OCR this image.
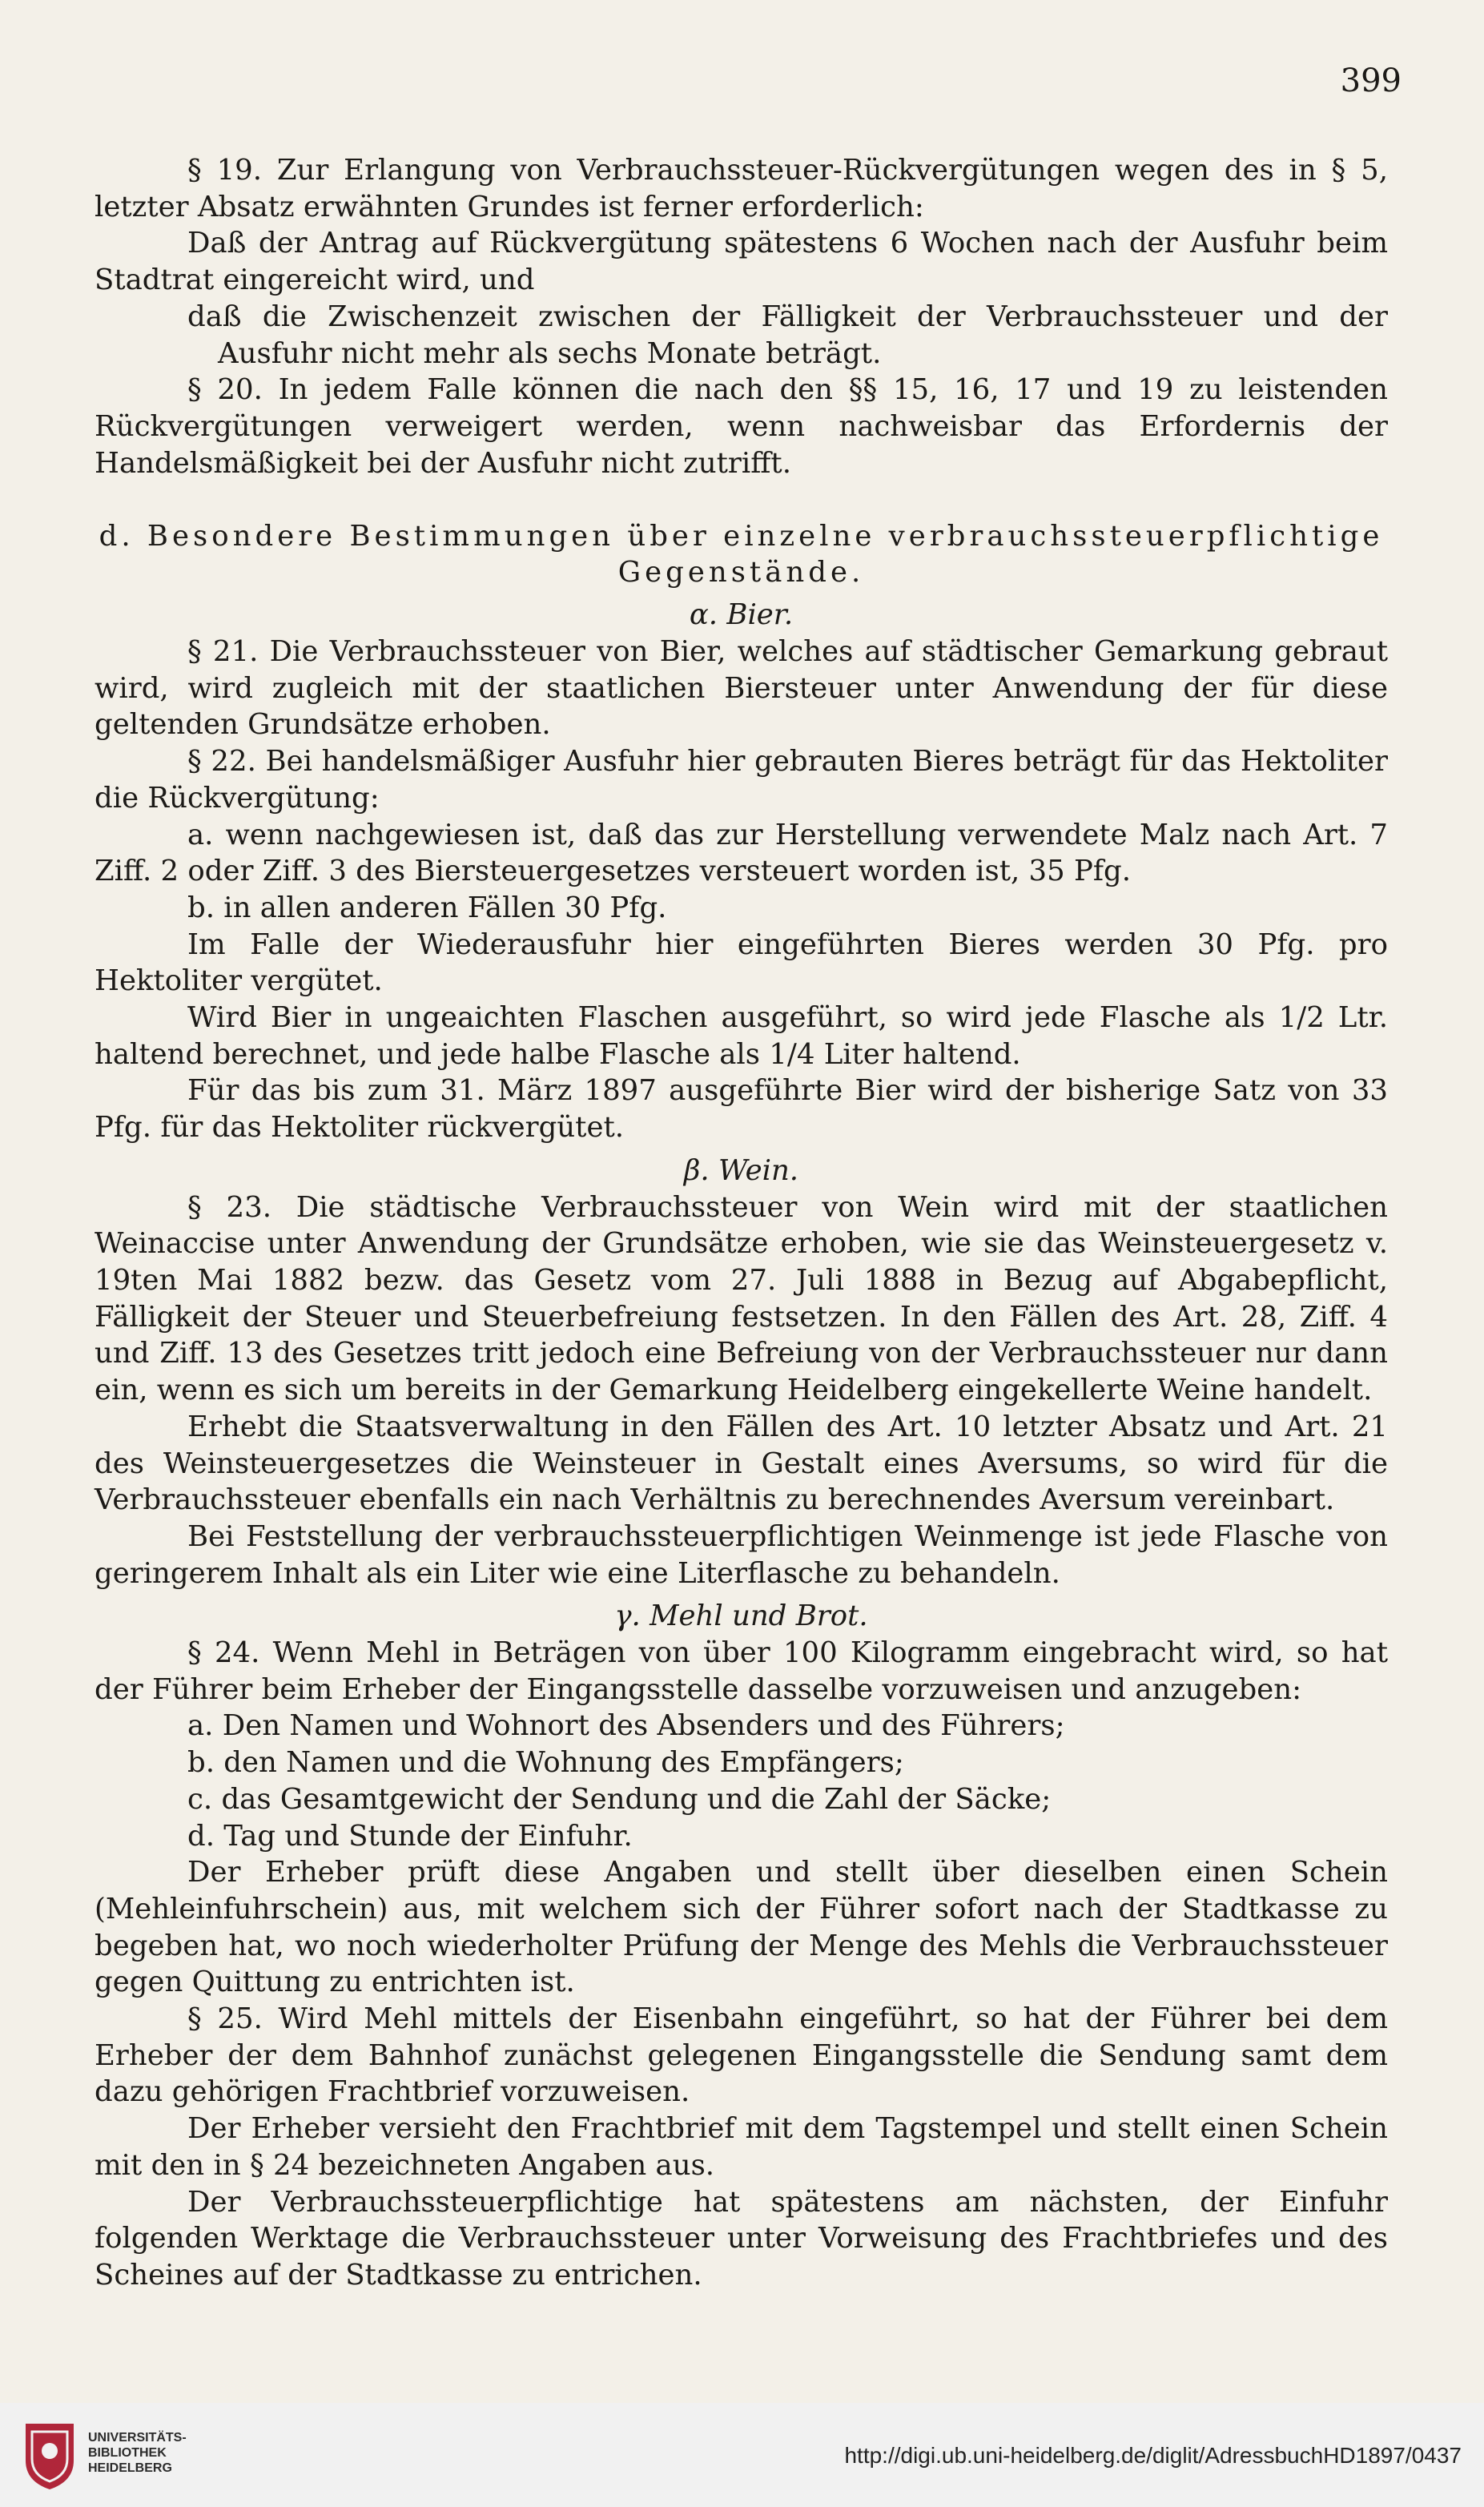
399

§ 19. Zur Erlangung von Verbrauchssteuer-Rückvergütungen wegen des in § 5, letzter Absatz erwähnten Grundes ist ferner erforderlich:

Daß der Antrag auf Rückvergütung spätestens 6 Wochen nach der Ausfuhr beim Stadtrat eingereicht wird, und

daß die Zwischenzeit zwischen der Fälligkeit der Verbrauchssteuer und der Ausfuhr nicht mehr als sechs Monate beträgt.

§ 20. In jedem Falle können die nach den §§ 15, 16, 17 und 19 zu leistenden Rückvergütungen verweigert werden, wenn nachweisbar das Erfordernis der Handelsmäßigkeit bei der Ausfuhr nicht zutrifft.

d. Besondere Bestimmungen über einzelne verbrauchssteuerpflichtige Gegenstände.

α. Bier.

§ 21. Die Verbrauchssteuer von Bier, welches auf städtischer Gemarkung gebraut wird, wird zugleich mit der staatlichen Biersteuer unter Anwendung der für diese geltenden Grundsätze erhoben.

§ 22. Bei handelsmäßiger Ausfuhr hier gebrauten Bieres beträgt für das Hektoliter die Rückvergütung:

a. wenn nachgewiesen ist, daß das zur Herstellung verwendete Malz nach Art. 7 Ziff. 2 oder Ziff. 3 des Biersteuergesetzes versteuert worden ist, 35 Pfg.

b. in allen anderen Fällen 30 Pfg.

Im Falle der Wiederausfuhr hier eingeführten Bieres werden 30 Pfg. pro Hektoliter vergütet.

Wird Bier in ungeaichten Flaschen ausgeführt, so wird jede Flasche als 1/2 Ltr. haltend berechnet, und jede halbe Flasche als 1/4 Liter haltend.

Für das bis zum 31. März 1897 ausgeführte Bier wird der bisherige Satz von 33 Pfg. für das Hektoliter rückvergütet.

β. Wein.

§ 23. Die städtische Verbrauchssteuer von Wein wird mit der staatlichen Weinaccise unter Anwendung der Grundsätze erhoben, wie sie das Weinsteuergesetz v. 19ten Mai 1882 bezw. das Gesetz vom 27. Juli 1888 in Bezug auf Abgabepflicht, Fälligkeit der Steuer und Steuerbefreiung festsetzen. In den Fällen des Art. 28, Ziff. 4 und Ziff. 13 des Gesetzes tritt jedoch eine Befreiung von der Verbrauchssteuer nur dann ein, wenn es sich um bereits in der Gemarkung Heidelberg eingekellerte Weine handelt.

Erhebt die Staatsverwaltung in den Fällen des Art. 10 letzter Absatz und Art. 21 des Weinsteuergesetzes die Weinsteuer in Gestalt eines Aversums, so wird für die Verbrauchssteuer ebenfalls ein nach Verhältnis zu berechnendes Aversum vereinbart.

Bei Feststellung der verbrauchssteuerpflichtigen Weinmenge ist jede Flasche von geringerem Inhalt als ein Liter wie eine Literflasche zu behandeln.

γ. Mehl und Brot.

§ 24. Wenn Mehl in Beträgen von über 100 Kilogramm eingebracht wird, so hat der Führer beim Erheber der Eingangsstelle dasselbe vorzuweisen und anzugeben:

a. Den Namen und Wohnort des Absenders und des Führers;

b. den Namen und die Wohnung des Empfängers;

c. das Gesamtgewicht der Sendung und die Zahl der Säcke;

d. Tag und Stunde der Einfuhr.

Der Erheber prüft diese Angaben und stellt über dieselben einen Schein (Mehleinfuhrschein) aus, mit welchem sich der Führer sofort nach der Stadtkasse zu begeben hat, wo noch wiederholter Prüfung der Menge des Mehls die Verbrauchssteuer gegen Quittung zu entrichten ist.

§ 25. Wird Mehl mittels der Eisenbahn eingeführt, so hat der Führer bei dem Erheber der dem Bahnhof zunächst gelegenen Eingangsstelle die Sendung samt dem dazu gehörigen Frachtbrief vorzuweisen.

Der Erheber versieht den Frachtbrief mit dem Tagstempel und stellt einen Schein mit den in § 24 bezeichneten Angaben aus.

Der Verbrauchssteuerpflichtige hat spätestens am nächsten, der Einfuhr folgenden Werktage die Verbrauchssteuer unter Vorweisung des Frachtbriefes und des Scheines auf der Stadtkasse zu entrichen.

UNIVERSITÄTS-
BIBLIOTHEK
HEIDELBERG
http://digi.ub.uni-heidelberg.de/diglit/AdressbuchHD1897/0437
